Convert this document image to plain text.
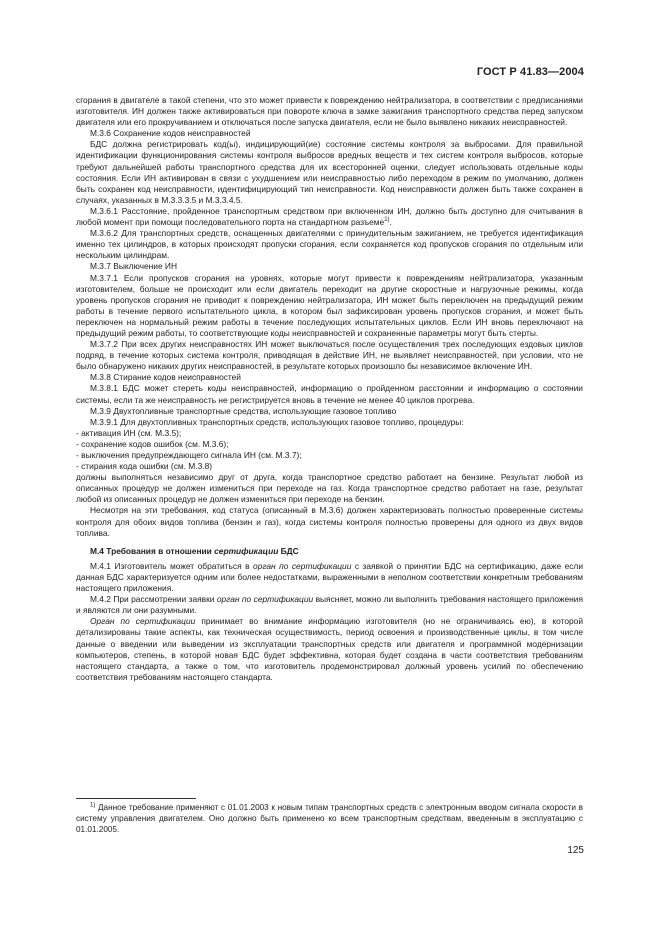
ГОСТ Р 41.83—2004

сгорания в двигателе в такой степени, что это может привести к повреждению нейтрализатора, в соответствии с предписаниями изготовителя. ИН должен также активироваться при повороте ключа в замке зажигания транспортного средства перед запуском двигателя или его прокручиванием и отключаться после запуска двигателя, если не было выявлено никаких неисправностей.

М.3.6 Сохранение кодов неисправностей

БДС должна регистрировать код(ы), индицирующий(ие) состояние системы контроля за выбросами. Для правильной идентификации функционирования системы контроля выбросов вредных веществ и тех систем контроля выбросов, которые требуют дальнейшей работы транспортного средства для их всесторонней оценки, следует использовать отдельные коды состояния. Если ИН активирован в связи с ухудшением или неисправностью либо переходом в режим по умолчанию, должен быть сохранен код неисправности, идентифицирующий тип неисправности. Код неисправности должен быть также сохранен в случаях, указанных в М.3.3.3.5 и М.3.3.4.5.

М.3.6.1 Расстояние, пройденное транспортным средством при включенном ИН, должно быть доступно для считывания в любой момент при помощи последовательного порта на стандартном разъеме$^{1)}$.

М.3.6.2 Для транспортных средств, оснащенных двигателями с принудительным зажиганием, не требуется идентификация именно тех цилиндров, в которых происходят пропуски сгорания, если сохраняется код пропусков сгорания по отдельным или нескольким цилиндрам.

М.3.7 Выключение ИН

М.3.7.1 Если пропусков сгорания на уровнях, которые могут привести к повреждениям нейтрализатора, указанным изготовителем, больше не происходит или если двигатель переходит на другие скоростные и нагрузочные режимы, когда уровень пропусков сгорания не приводит к повреждению нейтрализатора, ИН может быть переключен на предыдущий режим работы в течение первого испытательного цикла, в котором был зафиксирован уровень пропусков сгорания, и может быть переключен на нормальный режим работы в течение последующих испытательных циклов. Если ИН вновь переключают на предыдущий режим работы, то соответствующие коды неисправностей и сохраненные параметры могут быть стерты.

М.3.7.2 При всех других неисправностях ИН может выключаться после осуществления трех последующих ездовых циклов подряд, в течение которых система контроля, приводящая в действие ИН, не выявляет неисправностей, при условии, что не было обнаружено никаких других неисправностей, в результате которых произошло бы независимое включение ИН.

М.3.8 Стирание кодов неисправностей

М.3.8.1 БДС может стереть коды неисправностей, информацию о пройденном расстоянии и информацию о состоянии системы, если та же неисправность не регистрируется вновь в течение не менее 40 циклов прогрева.

М.3.9 Двухтопливные транспортные средства, использующие газовое топливо

М.3.9.1 Для двухтопливных транспортных средств, использующих газовое топливо, процедуры:

- активация ИН (см. М.3.5);

- сохранение кодов ошибок (см. М.3.6);

- выключения предупреждающего сигнала ИН (см. М.3.7);

- стирания кода ошибки (см. М.3.8)

должны выполняться независимо друг от друга, когда транспортное средство работает на бензине. Результат любой из описанных процедур не должен измениться при переходе на газ. Когда транспортное средство работает на газе, результат любой из описанных процедур не должен измениться при переходе на бензин.

Несмотря на эти требования, код статуса (описанный в М.3.6) должен характеризовать полностью проверенные системы контроля для обоих видов топлива (бензин и газ), когда системы контроля полностью проверены для одного из двух видов топлива.

М.4 Требования в отношении сертификации БДС

М.4.1 Изготовитель может обратиться в орган по сертификации с заявкой о принятии БДС на сертификацию, даже если данная БДС характеризуется одним или более недостатками, выраженными в неполном соответствии конкретным требованиям настоящего приложения.

М.4.2 При рассмотрении заявки орган по сертификации выясняет, можно ли выполнить требования настоящего приложения и являются ли они разумными.

Орган по сертификации принимает во внимание информацию изготовителя (но не ограничиваясь ею), в которой детализированы такие аспекты, как техническая осуществимость, период освоения и производственные циклы, в том числе данные о введении или выведении из эксплуатации транспортных средств или двигателя и программной модернизации компьютеров, степень, в которой новая БДС будет эффективна, которая будет создана в части соответствия требованиям настоящего стандарта, а также о том, что изготовитель продемонстрировал должный уровень усилий по обеспечению соответствия требованиям настоящего стандарта.

$^{1)}$ Данное требование применяют с 01.01.2003 к новым типам транспортных средств с электронным вводом сигнала скорости в систему управления двигателем. Оно должно быть применено ко всем транспортным средствам, введенным в эксплуатацию с 01.01.2005.

125
